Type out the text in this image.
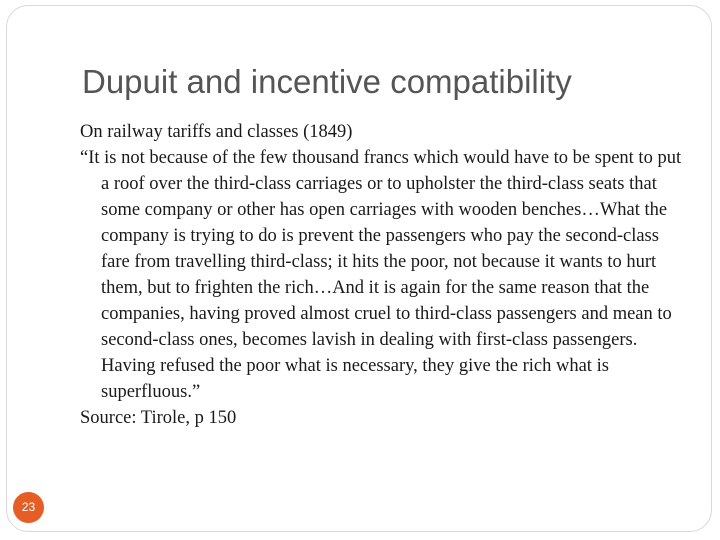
Dupuit and incentive compatibility
On railway tariffs and classes (1849)
“It is not because of the few thousand francs which would have to be spent to put a roof over the third-class carriages or to upholster the third-class seats that some company or other has open carriages with wooden benches…What the company is trying to do is prevent the passengers who pay the second-class fare from travelling third-class; it hits the poor, not because it wants to hurt them, but to frighten the rich…And it is again for the same reason that the companies, having proved almost cruel to third-class passengers and mean to second-class ones, becomes lavish in dealing with first-class passengers. Having refused the poor what is necessary, they give the rich what is superfluous.”
Source: Tirole, p 150
23
